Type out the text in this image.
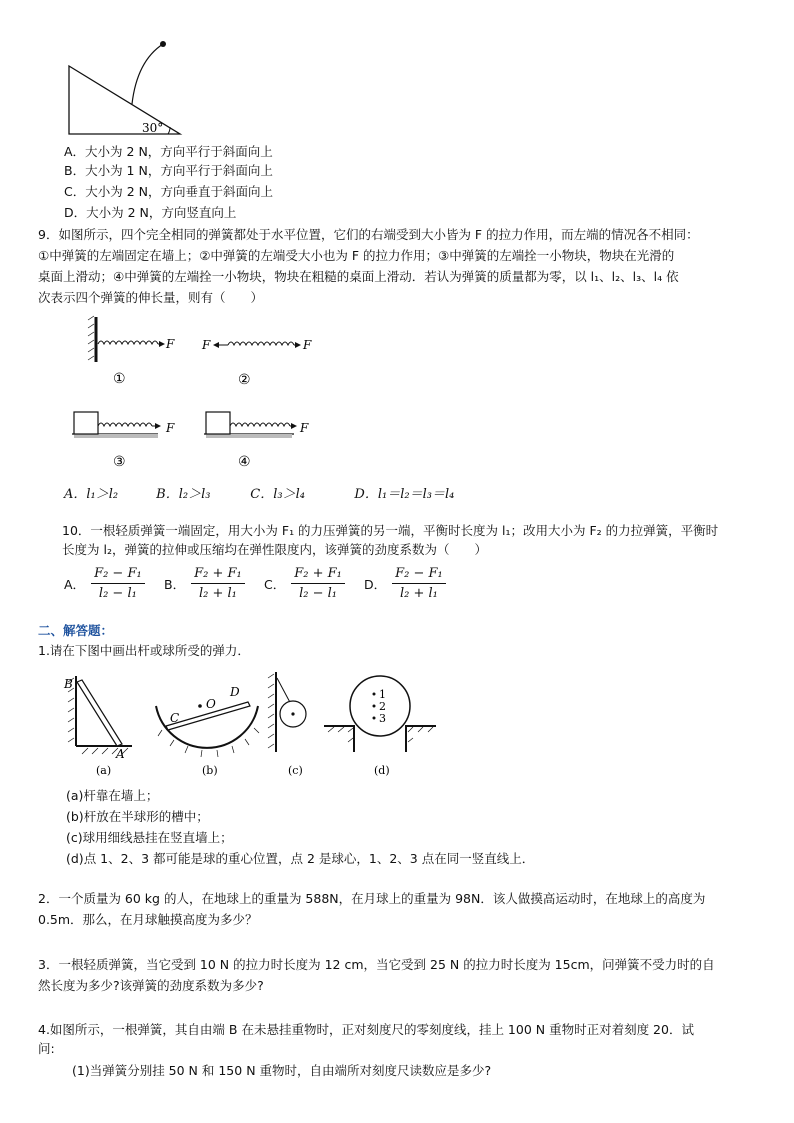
30°
A．大小为 2 N，方向平行于斜面向上
B．大小为 1 N，方向平行于斜面向上
C．大小为 2 N，方向垂直于斜面向上
D．大小为 2 N，方向竖直向上
9．如图所示，四个完全相同的弹簧都处于水平位置，它们的右端受到大小皆为 F 的拉力作用，而左端的情况各不相同：
①中弹簧的左端固定在墙上；②中弹簧的左端受大小也为 F 的拉力作用；③中弹簧的左端拴一小物块，物块在光滑的
桌面上滑动；④中弹簧的左端拴一小物块，物块在粗糙的桌面上滑动．若认为弹簧的质量都为零，以 l₁、l₂、l₃、l₄ 依
次表示四个弹簧的伸长量，则有（　　）
F
①
F	F
②
F
③
F
④
A．l₁＞l₂	B．l₂＞l₃	C．l₃＞l₄	D．l₁＝l₂＝l₃＝l₄
10．一根轻质弹簧一端固定，用大小为 F₁ 的力压弹簧的另一端，平衡时长度为 l₁；改用大小为 F₂ 的力拉弹簧，平衡时
长度为 l₂，弹簧的拉伸或压缩均在弹性限度内，该弹簧的劲度系数为（　　）
A． $\frac{\text{F₂ − F₁}}{\text{l₂ − l₁}}$ B． $\frac{\text{F₂ + F₁}}{\text{l₂ + l₁}}$ C． $\frac{\text{F₂ + F₁}}{\text{l₂ − l₁}}$ D． $\frac{\text{F₂ − F₁}}{\text{l₂ + l₁}}$
二、解答题：
1.请在下图中画出杆或球所受的弹力．
B
A
(a)
C
O
D
(b)	(c)
1
2
3
(d)
(a)杆靠在墙上；
(b)杆放在半球形的槽中；
(c)球用细线悬挂在竖直墙上；
(d)点 1、2、3 都可能是球的重心位置，点 2 是球心，1、2、3 点在同一竖直线上．
2．一个质量为 60 kg 的人，在地球上的重量为 588N，在月球上的重量为 98N．该人做摸高运动时，在地球上的高度为
0.5m．那么，在月球触摸高度为多少？
3．一根轻质弹簧，当它受到 10 N 的拉力时长度为 12 cm，当它受到 25 N 的拉力时长度为 15cm，问弹簧不受力时的自
然长度为多少?该弹簧的劲度系数为多少?
4.如图所示，一根弹簧，其自由端 B 在未悬挂重物时，正对刻度尺的零刻度线，挂上 100 N 重物时正对着刻度 20．试
问:
(1)当弹簧分别挂 50 N 和 150 N 重物时，自由端所对刻度尺读数应是多少?
